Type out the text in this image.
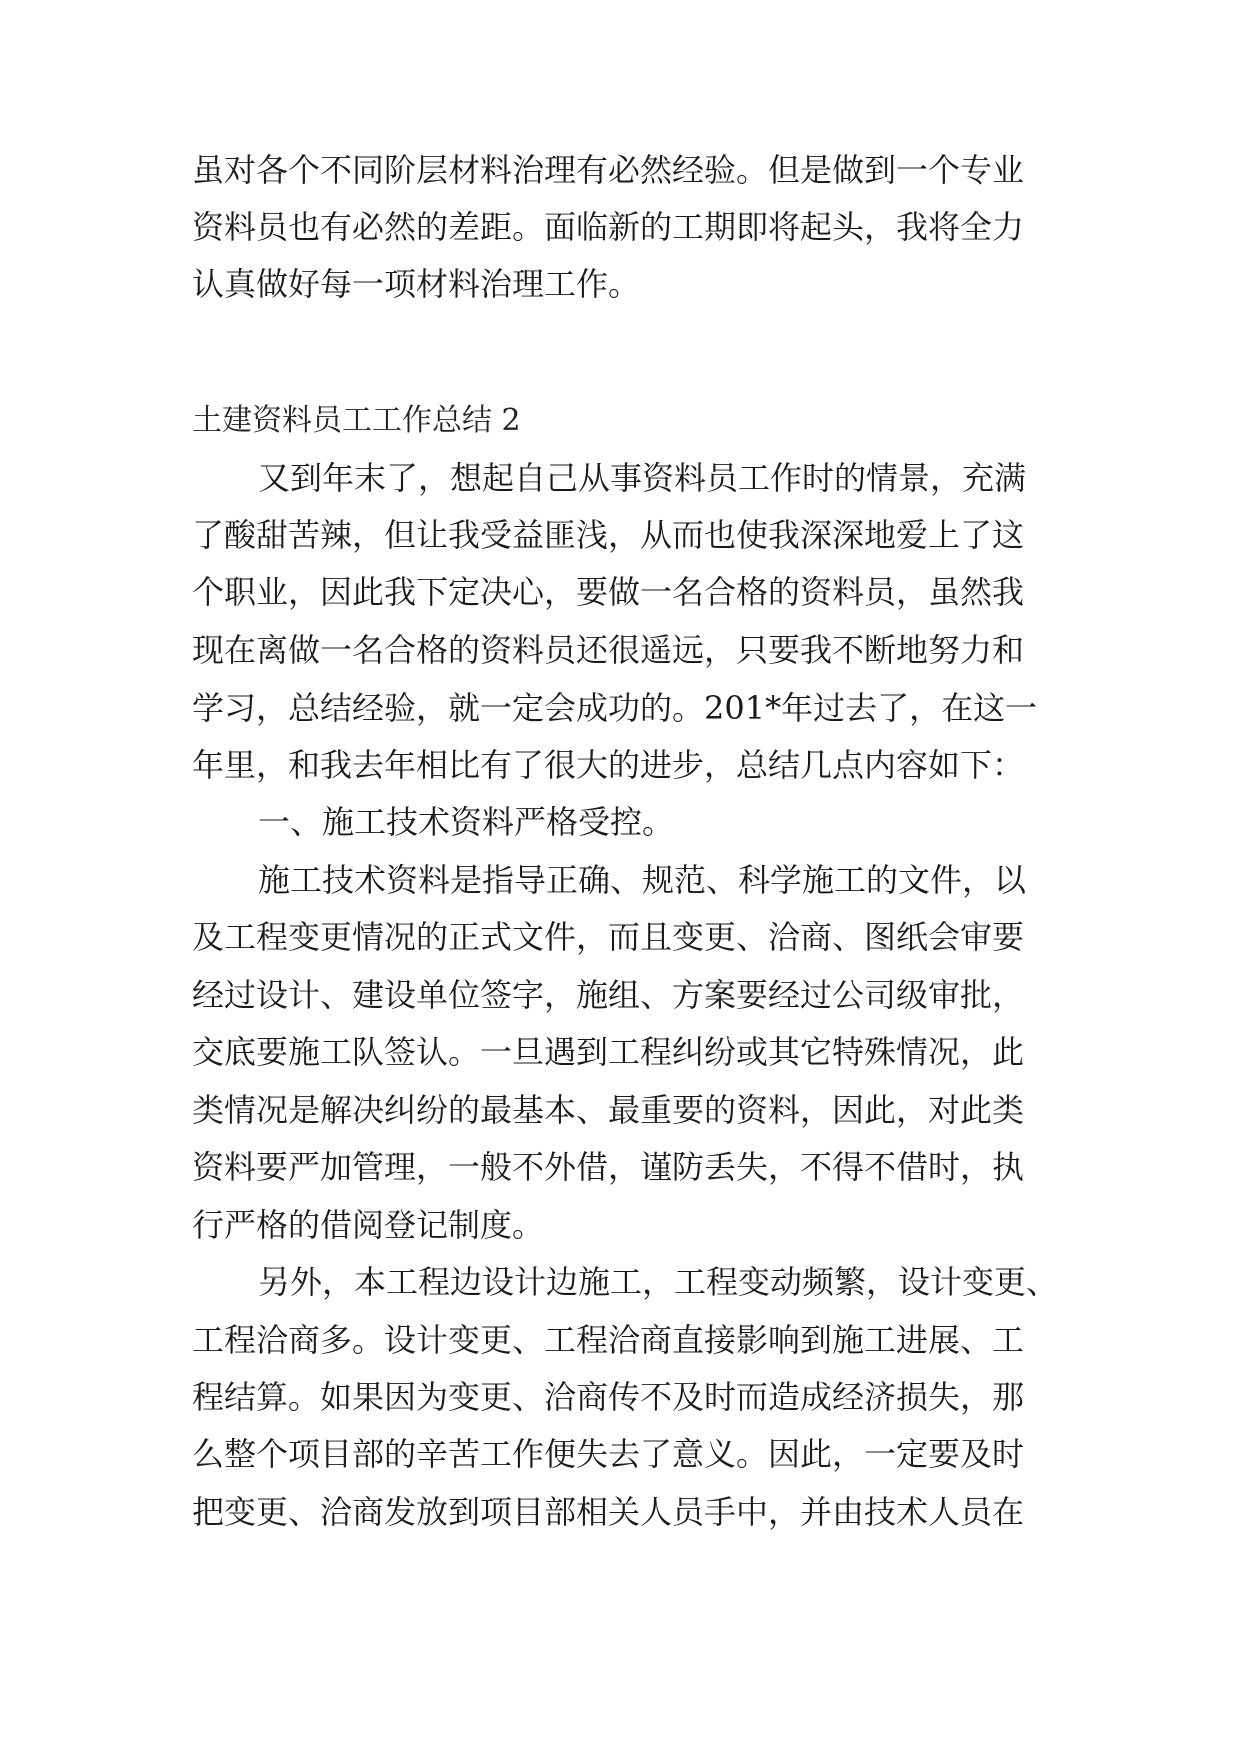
虽对各个不同阶层材料治理有必然经验。但是做到一个专业

资料员也有必然的差距。面临新的工期即将起头，我将全力

认真做好每一项材料治理工作。

土建资料员工工作总结 2

又到年末了，想起自己从事资料员工作时的情景，充满

了酸甜苦辣，但让我受益匪浅，从而也使我深深地爱上了这

个职业，因此我下定决心，要做一名合格的资料员，虽然我

现在离做一名合格的资料员还很遥远，只要我不断地努力和

学习，总结经验，就一定会成功的。201*年过去了，在这一

年里，和我去年相比有了很大的进步，总结几点内容如下：

一、施工技术资料严格受控。

施工技术资料是指导正确、规范、科学施工的文件，以

及工程变更情况的正式文件，而且变更、洽商、图纸会审要

经过设计、建设单位签字，施组、方案要经过公司级审批，

交底要施工队签认。一旦遇到工程纠纷或其它特殊情况，此

类情况是解决纠纷的最基本、最重要的资料，因此，对此类

资料要严加管理，一般不外借，谨防丢失，不得不借时，执

行严格的借阅登记制度。

另外，本工程边设计边施工，工程变动频繁，设计变更、

工程洽商多。设计变更、工程洽商直接影响到施工进展、工

程结算。如果因为变更、洽商传不及时而造成经济损失，那

么整个项目部的辛苦工作便失去了意义。因此，一定要及时

把变更、洽商发放到项目部相关人员手中，并由技术人员在
